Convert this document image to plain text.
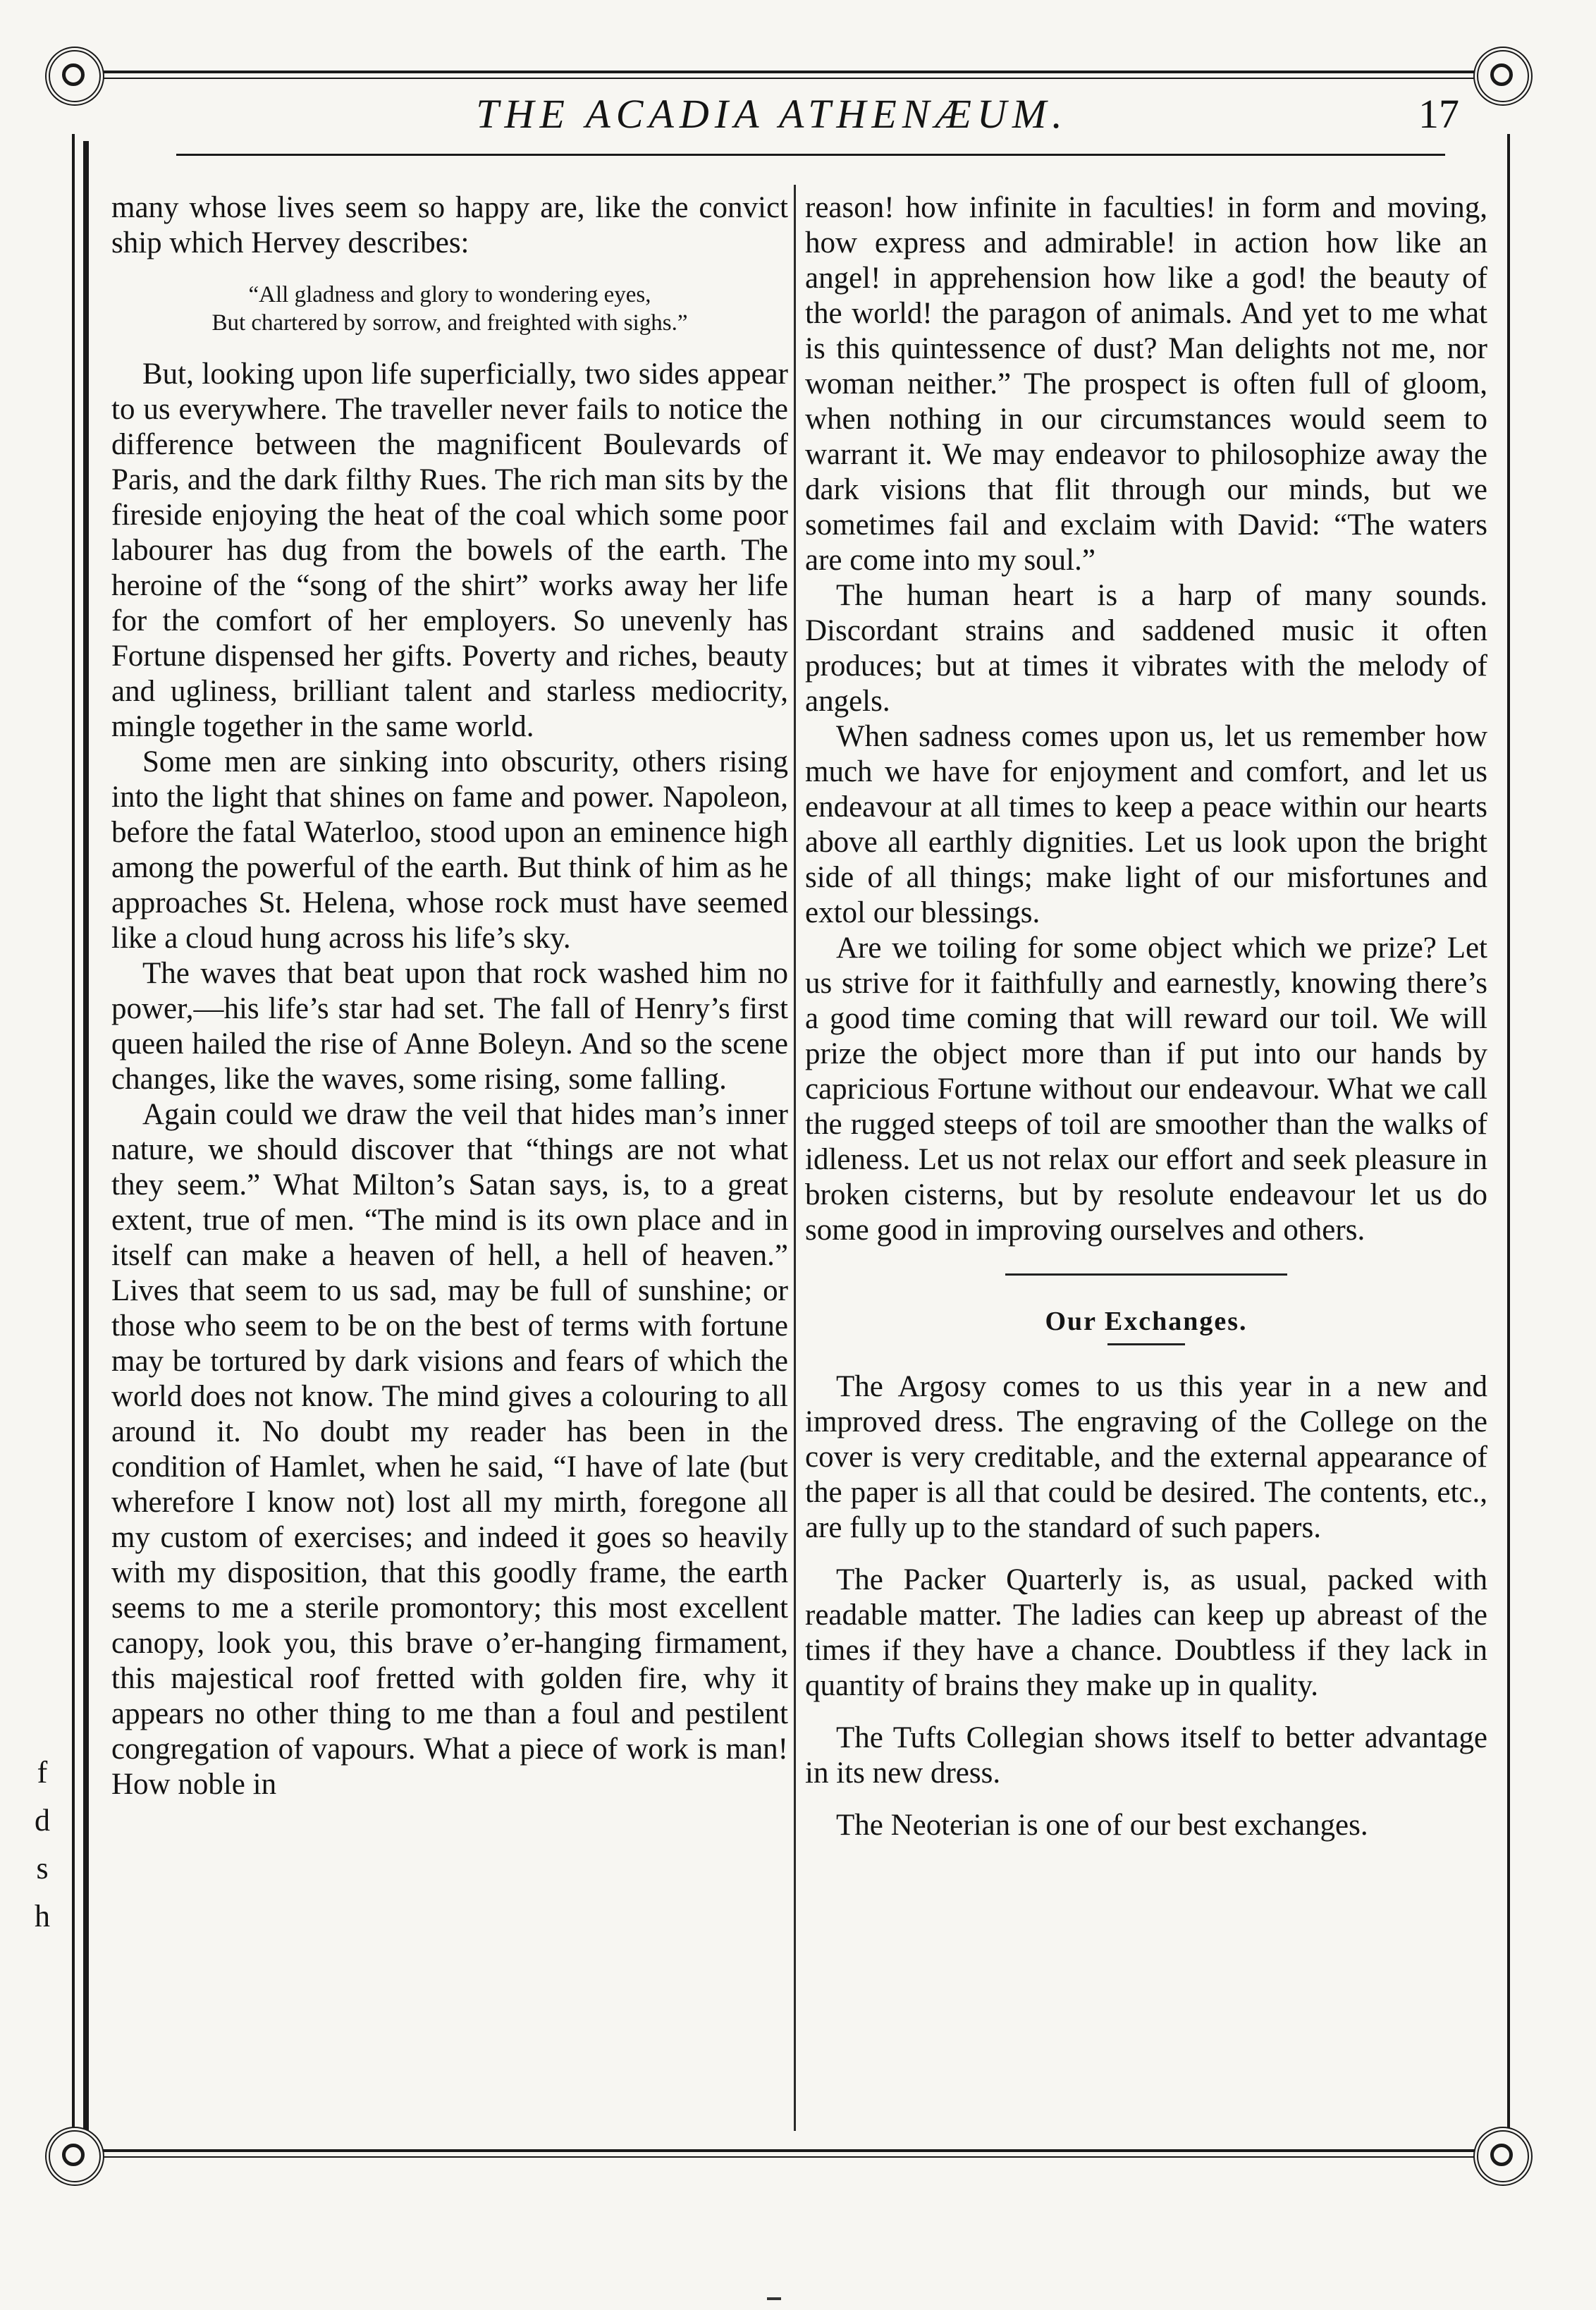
THE ACADIA ATHENÆUM.	17

many whose lives seem so happy are, like the convict ship which Hervey describes:

“All gladness and glory to wondering eyes,
But chartered by sorrow, and freighted with sighs.”

But, looking upon life superficially, two sides appear to us everywhere. The traveller never fails to notice the difference between the magnificent Boulevards of Paris, and the dark filthy Rues. The rich man sits by the fireside enjoying the heat of the coal which some poor labourer has dug from the bowels of the earth. The heroine of the “song of the shirt” works away her life for the comfort of her employers. So unevenly has Fortune dispensed her gifts. Poverty and riches, beauty and ugliness, brilliant talent and starless mediocrity, mingle together in the same world.

Some men are sinking into obscurity, others rising into the light that shines on fame and power. Napoleon, before the fatal Waterloo, stood upon an eminence high among the powerful of the earth. But think of him as he approaches St. Helena, whose rock must have seemed like a cloud hung across his life’s sky.

The waves that beat upon that rock washed him no power,—his life’s star had set. The fall of Henry’s first queen hailed the rise of Anne Boleyn. And so the scene changes, like the waves, some rising, some falling.

Again could we draw the veil that hides man’s inner nature, we should discover that “things are not what they seem.” What Milton’s Satan says, is, to a great extent, true of men. “The mind is its own place and in itself can make a heaven of hell, a hell of heaven.” Lives that seem to us sad, may be full of sunshine; or those who seem to be on the best of terms with fortune may be tortured by dark visions and fears of which the world does not know. The mind gives a colouring to all around it. No doubt my reader has been in the condition of Hamlet, when he said, “I have of late (but wherefore I know not) lost all my mirth, foregone all my custom of exercises; and indeed it goes so heavily with my disposition, that this goodly frame, the earth seems to me a sterile promontory; this most excellent canopy, look you, this brave o’er-hanging firmament, this majestical roof fretted with golden fire, why it appears no other thing to me than a foul and pestilent congregation of vapours. What a piece of work is man! How noble in

reason! how infinite in faculties! in form and moving, how express and admirable! in action how like an angel! in apprehension how like a god! the beauty of the world! the paragon of animals. And yet to me what is this quintessence of dust? Man delights not me, nor woman neither.” The prospect is often full of gloom, when nothing in our circumstances would seem to warrant it. We may endeavor to philosophize away the dark visions that flit through our minds, but we sometimes fail and exclaim with David: “The waters are come into my soul.”

The human heart is a harp of many sounds. Discordant strains and saddened music it often produces; but at times it vibrates with the melody of angels.

When sadness comes upon us, let us remember how much we have for enjoyment and comfort, and let us endeavour at all times to keep a peace within our hearts above all earthly dignities. Let us look upon the bright side of all things; make light of our misfortunes and extol our blessings.

Are we toiling for some object which we prize? Let us strive for it faithfully and earnestly, knowing there’s a good time coming that will reward our toil. We will prize the object more than if put into our hands by capricious Fortune without our endeavour. What we call the rugged steeps of toil are smoother than the walks of idleness. Let us not relax our effort and seek pleasure in broken cisterns, but by resolute endeavour let us do some good in improving ourselves and others.

Our Exchanges.

The Argosy comes to us this year in a new and improved dress. The engraving of the College on the cover is very creditable, and the external appearance of the paper is all that could be desired. The contents, etc., are fully up to the standard of such papers.

The Packer Quarterly is, as usual, packed with readable matter. The ladies can keep up abreast of the times if they have a chance. Doubtless if they lack in quantity of brains they make up in quality.

The Tufts Collegian shows itself to better advantage in its new dress.

The Neoterian is one of our best exchanges.

f
d
s
h
